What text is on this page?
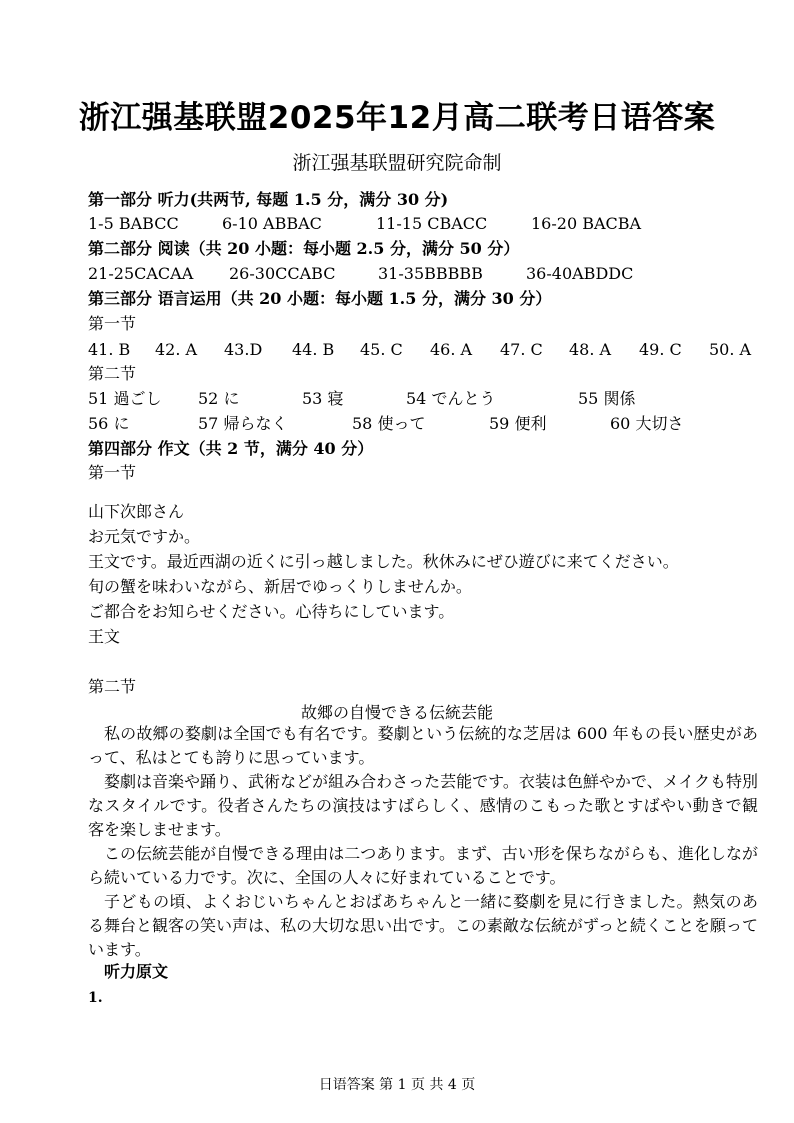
浙江强基联盟2025年12月高二联考日语答案
浙江强基联盟研究院命制
第一部分 听力(共两节, 每题 1.5 分，满分 30 分)
1-5 BABCC	6-10 ABBAC	11-15 CBACC	16-20 BACBA
第二部分 阅读（共 20 小题：每小题 2.5 分，满分 50 分）
21-25CACAA 26-30CCABC	31-35BBBBB	36-40ABDDC
第三部分 语言运用（共 20 小题：每小题 1.5 分，满分 30 分）
第一节
41. B 42. A 43.D 44. B 45. C 46. A 47. C 48. A 49. C 50. A
第二节
51 過ごし 52 に	53 寝	54 でんとう	55 関係
56 に	57 帰らなく	58 使って	59 便利	60 大切さ
第四部分 作文（共 2 节，满分 40 分）
第一节
山下次郎さん
お元気ですか。
王文です。最近西湖の近くに引っ越しました。秋休みにぜひ遊びに来てください。
旬の蟹を味わいながら、新居でゆっくりしませんか。
ご都合をお知らせください。心待ちにしています。
王文
第二节
故郷の自慢できる伝統芸能
私の故郷の婺劇は全国でも有名です。婺劇という伝統的な芝居は 600 年もの長い歴史があって、私はとても誇りに思っています。
婺劇は音楽や踊り、武術などが組み合わさった芸能です。衣装は色鮮やかで、メイクも特別なスタイルです。役者さんたちの演技はすばらしく、感情のこもった歌とすばやい動きで観客を楽しませます。
この伝統芸能が自慢できる理由は二つあります。まず、古い形を保ちながらも、進化しながら続いている力です。次に、全国の人々に好まれていることです。
子どもの頃、よくおじいちゃんとおばあちゃんと一緒に婺劇を見に行きました。熱気のある舞台と観客の笑い声は、私の大切な思い出です。この素敵な伝統がずっと続くことを願っています。
听力原文
1.
日语答案 第 1 页 共 4 页
